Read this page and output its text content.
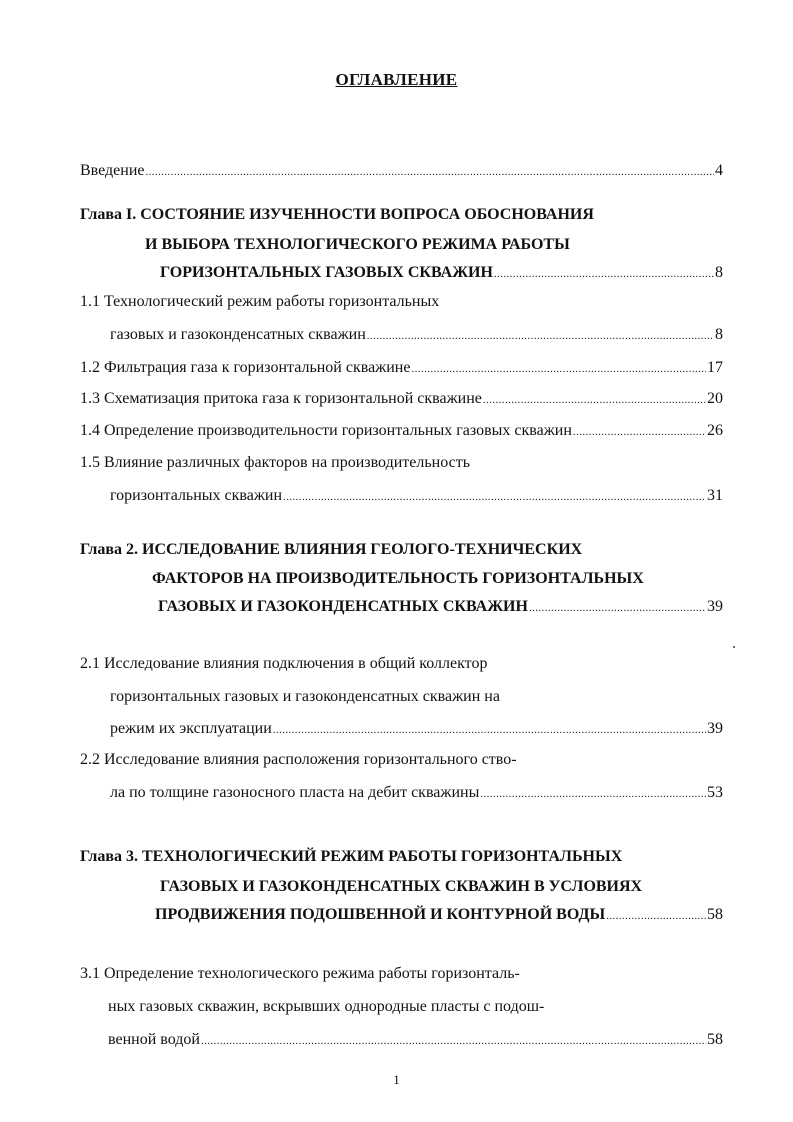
ОГЛАВЛЕНИЕ
Введение .....	4
Глава I. СОСТОЯНИЕ ИЗУЧЕННОСТИ ВОПРОСА ОБОСНОВАНИЯ
И ВЫБОРА ТЕХНОЛОГИЧЕСКОГО РЕЖИМА РАБОТЫ
ГОРИЗОНТАЛЬНЫХ ГАЗОВЫХ СКВАЖИН .....	8
1.1 Технологический режим работы горизонтальных
газовых и газоконденсатных скважин .....	8
1.2 Фильтрация газа к горизонтальной скважине .....	17
1.3 Схематизация притока газа к горизонтальной скважине .....	20
1.4 Определение производительности горизонтальных газовых скважин .....	26
1.5 Влияние различных факторов на производительность
горизонтальных скважин .....	31
Глава 2. ИССЛЕДОВАНИЕ ВЛИЯНИЯ ГЕОЛОГО-ТЕХНИЧЕСКИХ
ФАКТОРОВ НА ПРОИЗВОДИТЕЛЬНОСТЬ ГОРИЗОНТАЛЬНЫХ
ГАЗОВЫХ И ГАЗОКОНДЕНСАТНЫХ СКВАЖИН .....	39
2.1 Исследование влияния подключения в общий коллектор
горизонтальных газовых и газоконденсатных скважин на
режим их эксплуатации .....	39
2.2 Исследование влияния расположения горизонтального ство-
ла по толщине газоносного пласта на дебит скважины .....	53
Глава 3. ТЕХНОЛОГИЧЕСКИЙ РЕЖИМ РАБОТЫ ГОРИЗОНТАЛЬНЫХ
ГАЗОВЫХ И ГАЗОКОНДЕНСАТНЫХ СКВАЖИН В УСЛОВИЯХ
ПРОДВИЖЕНИЯ ПОДОШВЕННОЙ И КОНТУРНОЙ ВОДЫ .....	58
3.1 Определение технологического режима работы горизонталь-
ных газовых скважин, вскрывших однородные пласты с подош-
венной водой .....	58
1
